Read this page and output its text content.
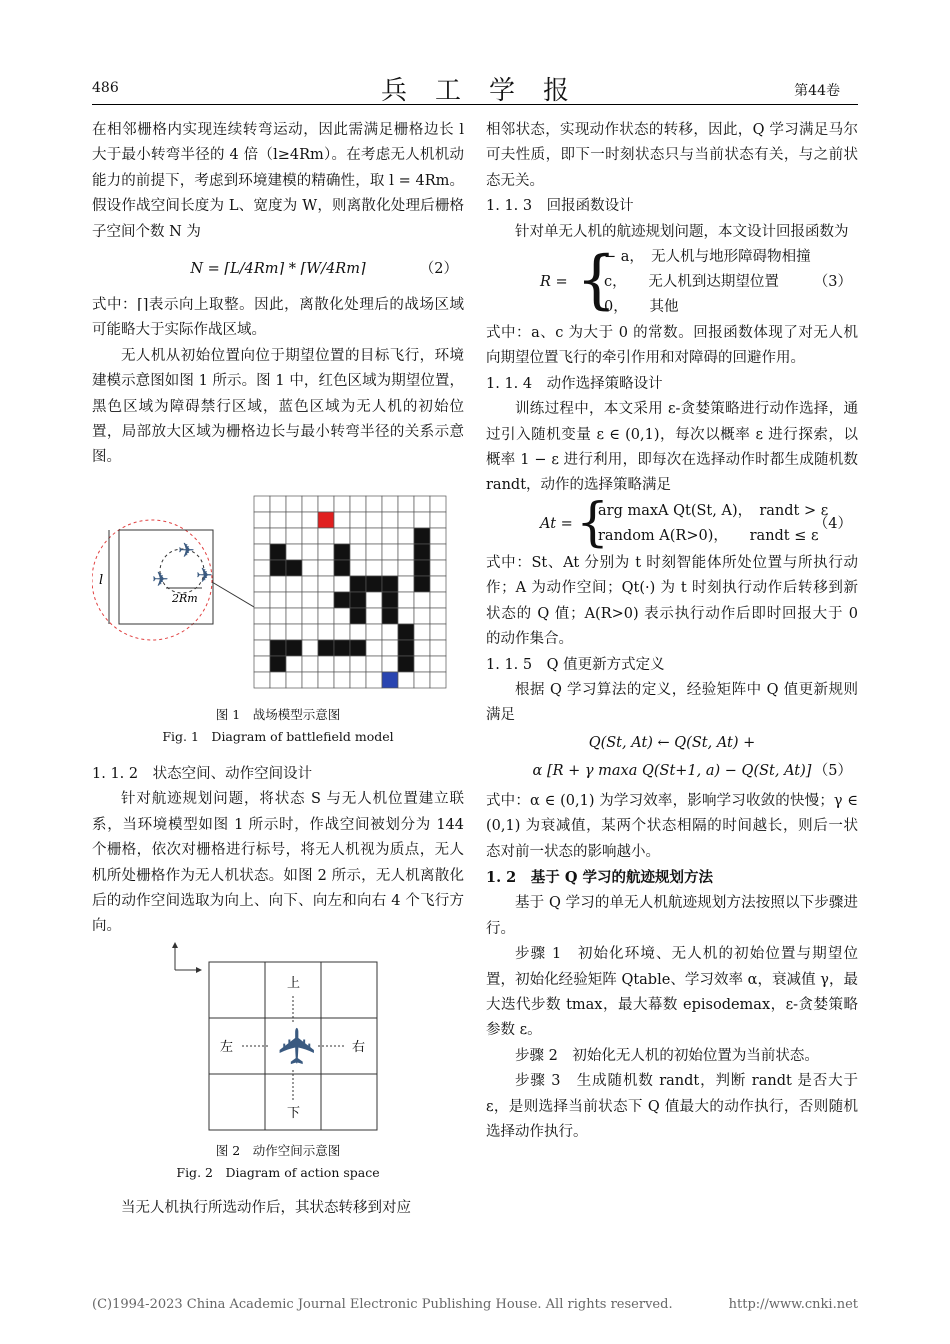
486	兵工学报	第44卷

在相邻栅格内实现连续转弯运动，因此需满足栅格边长 l 大于最小转弯半径的 4 倍（l≥4Rm）。在考虑无人机机动能力的前提下，考虑到环境建模的精确性，取 l = 4Rm。假设作战空间长度为 L、宽度为 W，则离散化处理后栅格子空间个数 N 为

N = ⌈L/4Rm⌉ * ⌈W/4Rm⌉	（2）

式中：⌈⌉表示向上取整。因此，离散化处理后的战场区域可能略大于实际作战区域。

无人机从初始位置向位于期望位置的目标飞行，环境建模示意图如图 1 所示。图 1 中，红色区域为期望位置，黑色区域为障碍禁行区域，蓝色区域为无人机的初始位置，局部放大区域为栅格边长与最小转弯半径的关系示意图。

l
✈
✈ ✈
2Rm
图 1　战场模型示意图
Fig. 1　Diagram of battlefield model

1. 1. 2　状态空间、动作空间设计

针对航迹规划问题，将状态 S 与无人机位置建立联系，当环境模型如图 1 所示时，作战空间被划分为 144 个栅格，依次对栅格进行标号，将无人机视为质点，无人机所处栅格作为无人机状态。如图 2 所示，无人机离散化后的动作空间选取为向上、向下、向左和向右 4 个飞行方向。

✈
上
下
左	右
图 2　动作空间示意图
Fig. 2　Diagram of action space

当无人机执行所选动作后，其状态转移到对应

相邻状态，实现动作状态的转移，因此，Q 学习满足马尔可夫性质，即下一时刻状态只与当前状态有关，与之前状态无关。

1. 1. 3　回报函数设计

针对单无人机的航迹规划问题，本文设计回报函数为

R = {
− a，　无人机与地形障碍物相撞
c，　　无人机到达期望位置
0，　　其他
（3）

式中：a、c 为大于 0 的常数。回报函数体现了对无人机向期望位置飞行的牵引作用和对障碍的回避作用。

1. 1. 4　动作选择策略设计

训练过程中，本文采用 ε-贪婪策略进行动作选择，通过引入随机变量 ε ∈ (0,1)，每次以概率 ε 进行探索，以概率 1 − ε 进行利用，即每次在选择动作时都生成随机数 randt，动作的选择策略满足

At = {
arg maxA Qt(St, A)，　randt > ε
random A(R>0)，　　randt ≤ ε
（4）

式中：St、At 分别为 t 时刻智能体所处位置与所执行动作；A 为动作空间；Qt(·) 为 t 时刻执行动作后转移到新状态的 Q 值；A(R>0) 表示执行动作后即时回报大于 0 的动作集合。

1. 1. 5　Q 值更新方式定义

根据 Q 学习算法的定义，经验矩阵中 Q 值更新规则满足

Q(St, At) ← Q(St, At) +
α [R + γ maxa Q(St+1, a) − Q(St, At)] （5）

式中：α ∈ (0,1) 为学习效率，影响学习收敛的快慢；γ ∈ (0,1) 为衰减值，某两个状态相隔的时间越长，则后一状态对前一状态的影响越小。

1. 2　基于 Q 学习的航迹规划方法

基于 Q 学习的单无人机航迹规划方法按照以下步骤进行。

步骤 1　初始化环境、无人机的初始位置与期望位置，初始化经验矩阵 Qtable、学习效率 α，衰减值 γ，最大迭代步数 tmax，最大幕数 episodemax，ε-贪婪策略参数 ε。

步骤 2　初始化无人机的初始位置为当前状态。

步骤 3　生成随机数 randt，判断 randt 是否大于 ε，是则选择当前状态下 Q 值最大的动作执行，否则随机选择动作执行。

(C)1994-2023 China Academic Journal Electronic Publishing House. All rights reserved.	http://www.cnki.net
